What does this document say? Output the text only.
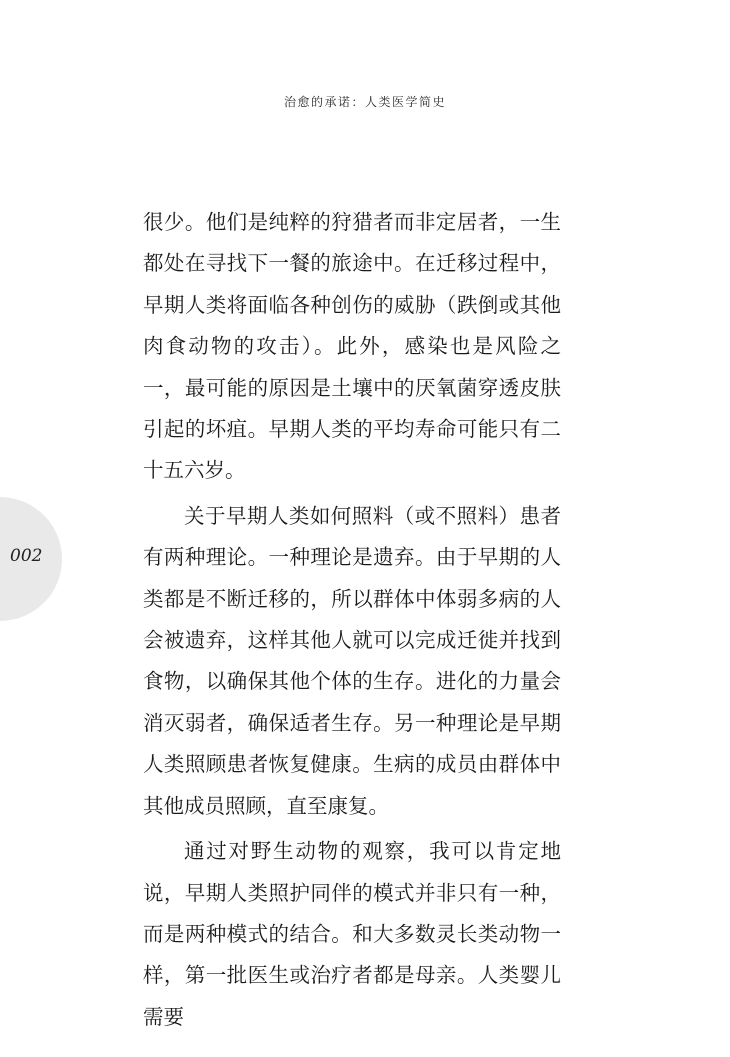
治愈的承诺：人类医学简史
002

很少。他们是纯粹的狩猎者而非定居者，一生都处在寻找下一餐的旅途中。在迁移过程中，早期人类将面临各种创伤的威胁（跌倒或其他肉食动物的攻击）。此外，感染也是风险之一，最可能的原因是土壤中的厌氧菌穿透皮肤引起的坏疽。早期人类的平均寿命可能只有二十五六岁。

关于早期人类如何照料（或不照料）患者有两种理论。一种理论是遗弃。由于早期的人类都是不断迁移的，所以群体中体弱多病的人会被遗弃，这样其他人就可以完成迁徙并找到食物，以确保其他个体的生存。进化的力量会消灭弱者，确保适者生存。另一种理论是早期人类照顾患者恢复健康。生病的成员由群体中其他成员照顾，直至康复。

通过对野生动物的观察，我可以肯定地说，早期人类照护同伴的模式并非只有一种，而是两种模式的结合。和大多数灵长类动物一样，第一批医生或治疗者都是母亲。人类婴儿需要
